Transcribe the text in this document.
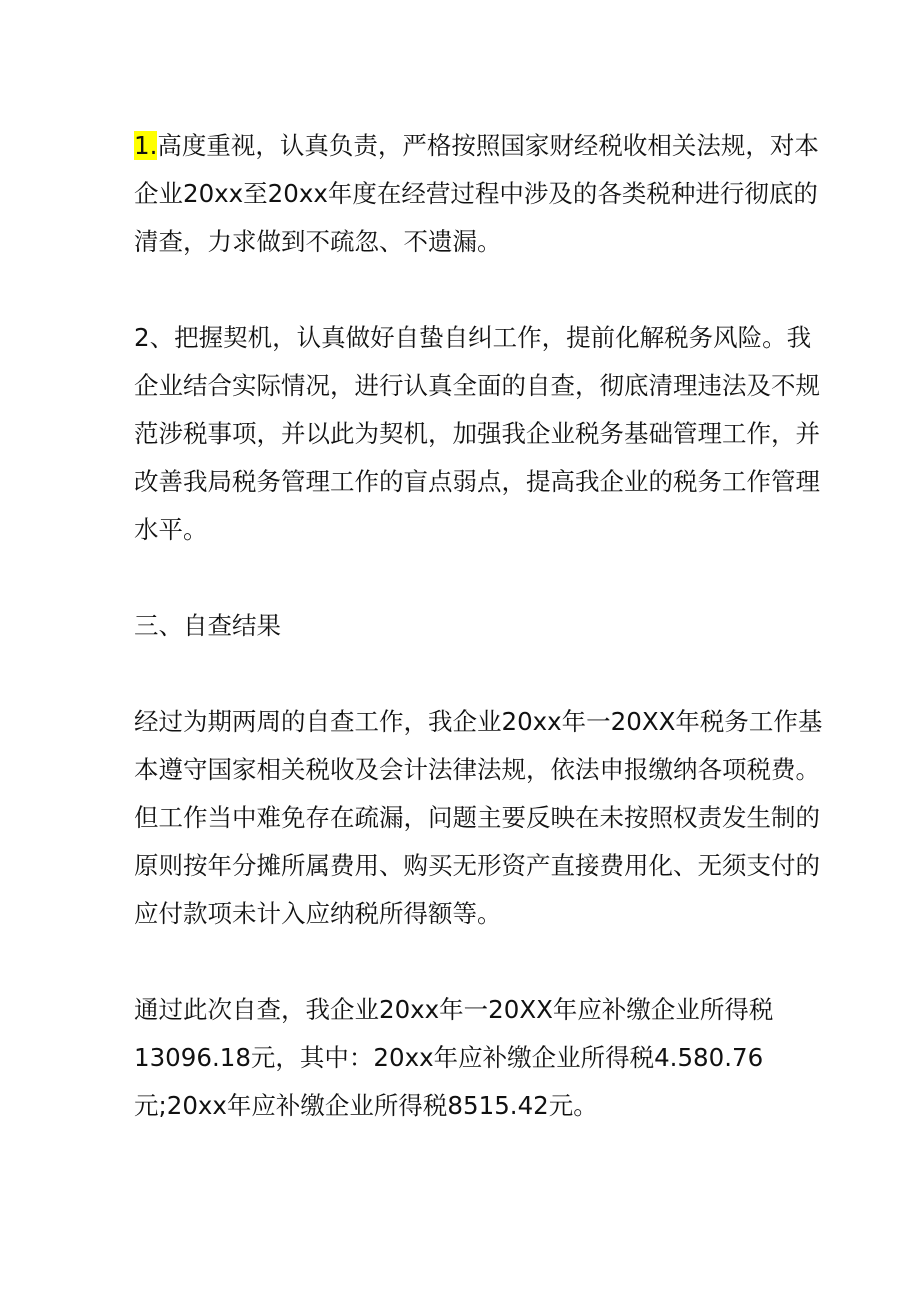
1.高度重视，认真负责，严格按照国家财经税收相关法规，对本
企业20xx至20xx年度在经营过程中涉及的各类税种进行彻底的
清查，力求做到不疏忽、不遗漏。

2、把握契机，认真做好自蛰自纠工作，提前化解税务风险。我
企业结合实际情况，进行认真全面的自查，彻底清理违法及不规
范涉税事项，并以此为契机，加强我企业税务基础管理工作，并
改善我局税务管理工作的盲点弱点，提高我企业的税务工作管理
水平。

三、自查结果

经过为期两周的自查工作，我企业20xx年一20XX年税务工作基
本遵守国家相关税收及会计法律法规，依法申报缴纳各项税费。
但工作当中难免存在疏漏，问题主要反映在未按照权责发生制的
原则按年分摊所属费用、购买无形资产直接费用化、无须支付的
应付款项未计入应纳税所得额等。

通过此次自查，我企业20xx年一20XX年应补缴企业所得税
13096.18元，其中：20xx年应补缴企业所得税4.580.76
元;20xx年应补缴企业所得税8515.42元。
